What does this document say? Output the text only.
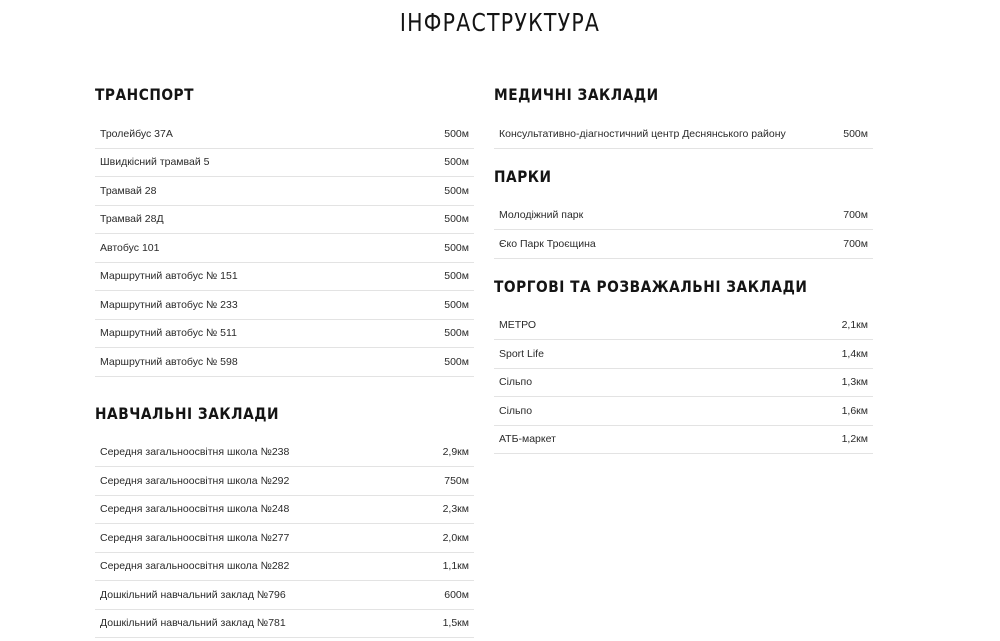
ІНФРАСТРУКТУРА
ТРАНСПОРТ
Тролейбус 37А	500м
Швидкісний трамвай 5	500м
Трамвай 28	500м
Трамвай 28Д	500м
Автобус 101	500м
Маршрутний автобус № 151	500м
Маршрутний автобус № 233	500м
Маршрутний автобус № 511	500м
Маршрутний автобус № 598	500м
НАВЧАЛЬНІ ЗАКЛАДИ
Середня загальноосвітня школа №238	2,9км
Середня загальноосвітня школа №292	750м
Середня загальноосвітня школа №248	2,3км
Середня загальноосвітня школа №277	2,0км
Середня загальноосвітня школа №282	1,1км
Дошкільний навчальний заклад №796	600м
Дошкільний навчальний заклад №781	1,5км
МЕДИЧНІ ЗАКЛАДИ
Консультативно-діагностичний центр Деснянського району	500м
ПАРКИ
Молодіжний парк	700м
Єко Парк Троєщина	700м
ТОРГОВІ ТА РОЗВАЖАЛЬНІ ЗАКЛАДИ
МЕТРО	2,1км
Sport Life	1,4км
Сільпо	1,3км
Сільпо	1,6км
АТБ-маркет	1,2км
